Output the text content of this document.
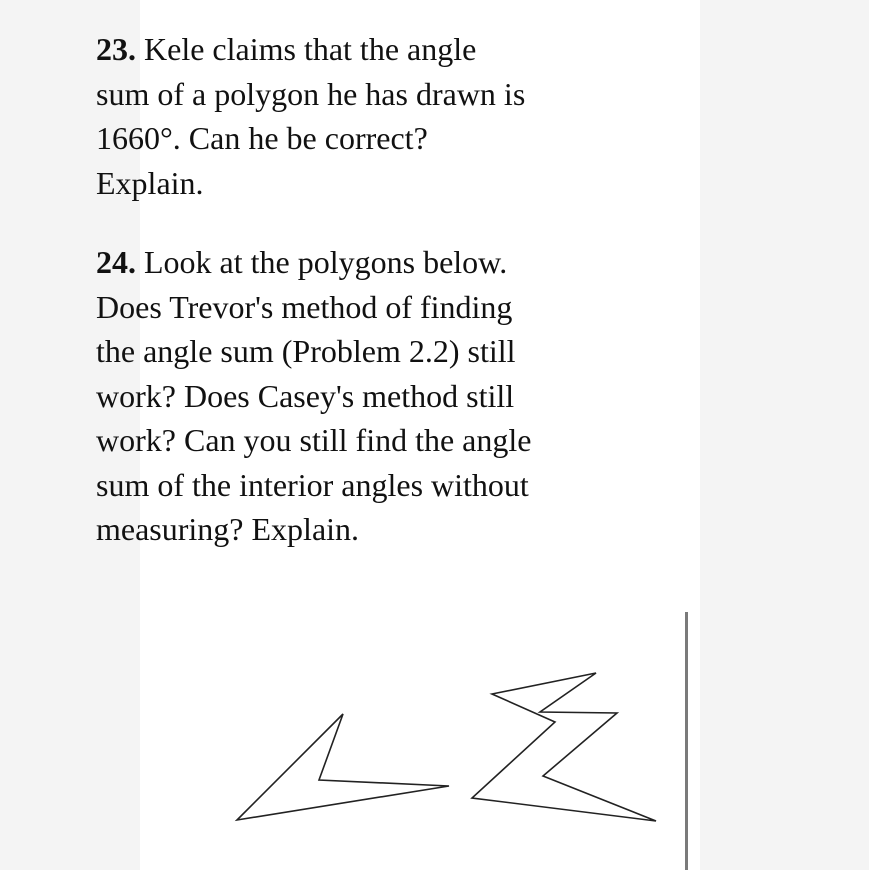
23. Kele claims that the angle sum of a polygon he has drawn is 1660°. Can he be correct? Explain.
24. Look at the polygons below. Does Trevor's method of finding the angle sum (Problem 2.2) still work? Does Casey's method still work? Can you still find the angle sum of the interior angles without measuring? Explain.
